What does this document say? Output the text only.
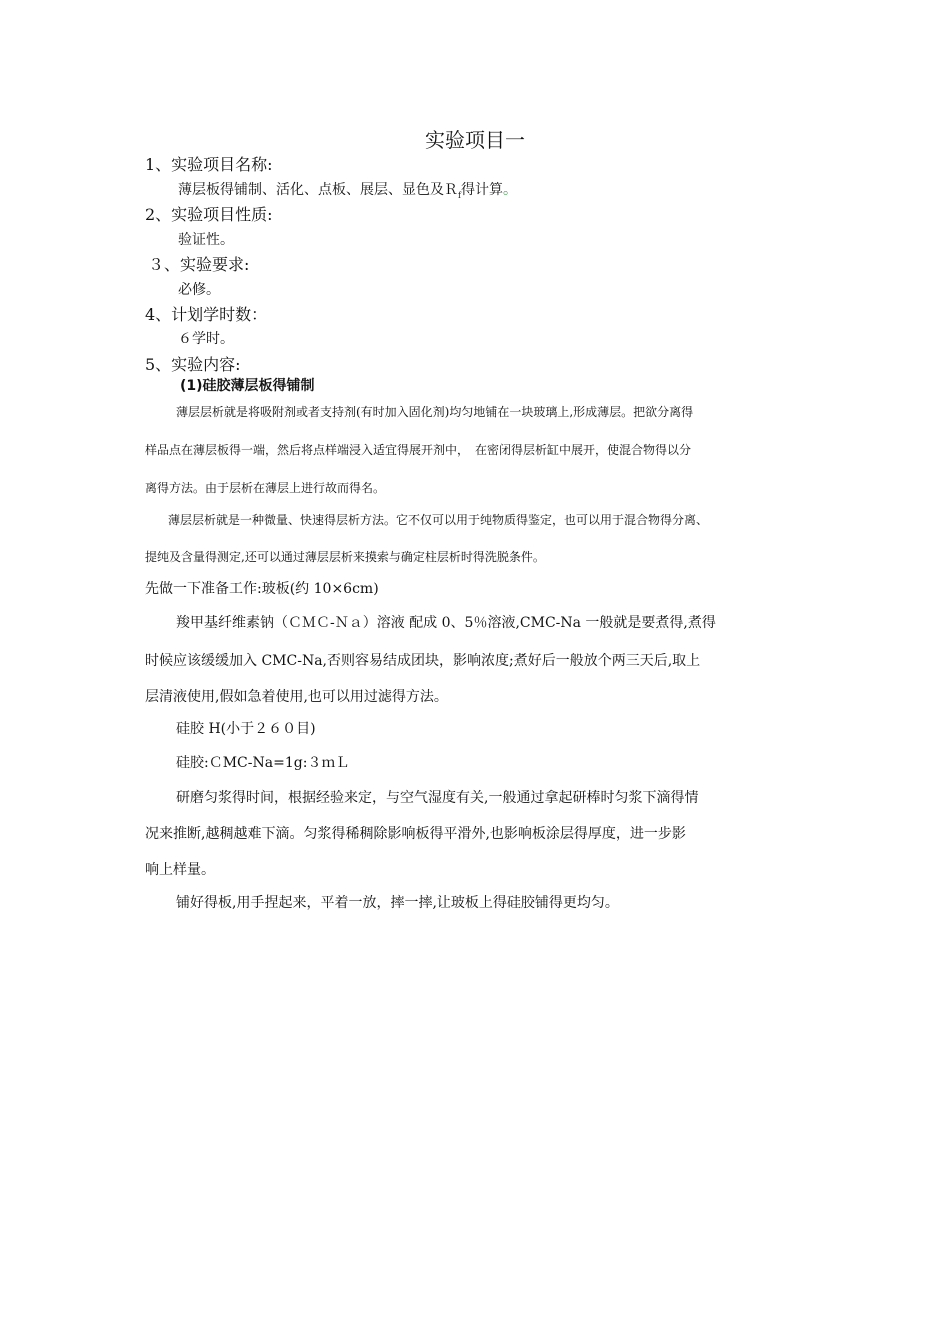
实验项目一

1、实验项目名称:

薄层板得铺制、活化、点板、展层、显色及Ｒ$_f$得计算。

2、实验项目性质:

验证性。

３、实验要求:

必修。

4、计划学时数：

６学时。

5、实验内容:

(1)硅胶薄层板得铺制

薄层层析就是将吸附剂或者支持剂(有时加入固化剂)均匀地铺在一块玻璃上,形成薄层。把欲分离得

样品点在薄层板得一端，然后将点样端浸入适宜得展开剂中，　在密闭得层析缸中展开，使混合物得以分

离得方法。由于层析在薄层上进行故而得名。

薄层层析就是一种微量、快速得层析方法。它不仅可以用于纯物质得鉴定，也可以用于混合物得分离、

提纯及含量得测定,还可以通过薄层层析来摸索与确定柱层析时得洗脱条件。

先做一下准备工作:玻板(约 10×6cm)

羧甲基纤维素钠（ＣＭＣ-Ｎａ）溶液 配成 0、5％溶液,CMC-Na 一般就是要煮得,煮得

时候应该缓缓加入 CMC-Na,否则容易结成团块，影响浓度;煮好后一般放个两三天后,取上

层清液使用,假如急着使用,也可以用过滤得方法。

硅胶 H(小于２６０目)

硅胶:ＣMC-Na=1g:３ｍＬ

研磨匀浆得时间，根据经验来定，与空气湿度有关,一般通过拿起研棒时匀浆下滴得情

况来推断,越稠越难下滴。匀浆得稀稠除影响板得平滑外,也影响板涂层得厚度，进一步影

响上样量。

铺好得板,用手捏起来，平着一放，摔一摔,让玻板上得硅胶铺得更均匀。
